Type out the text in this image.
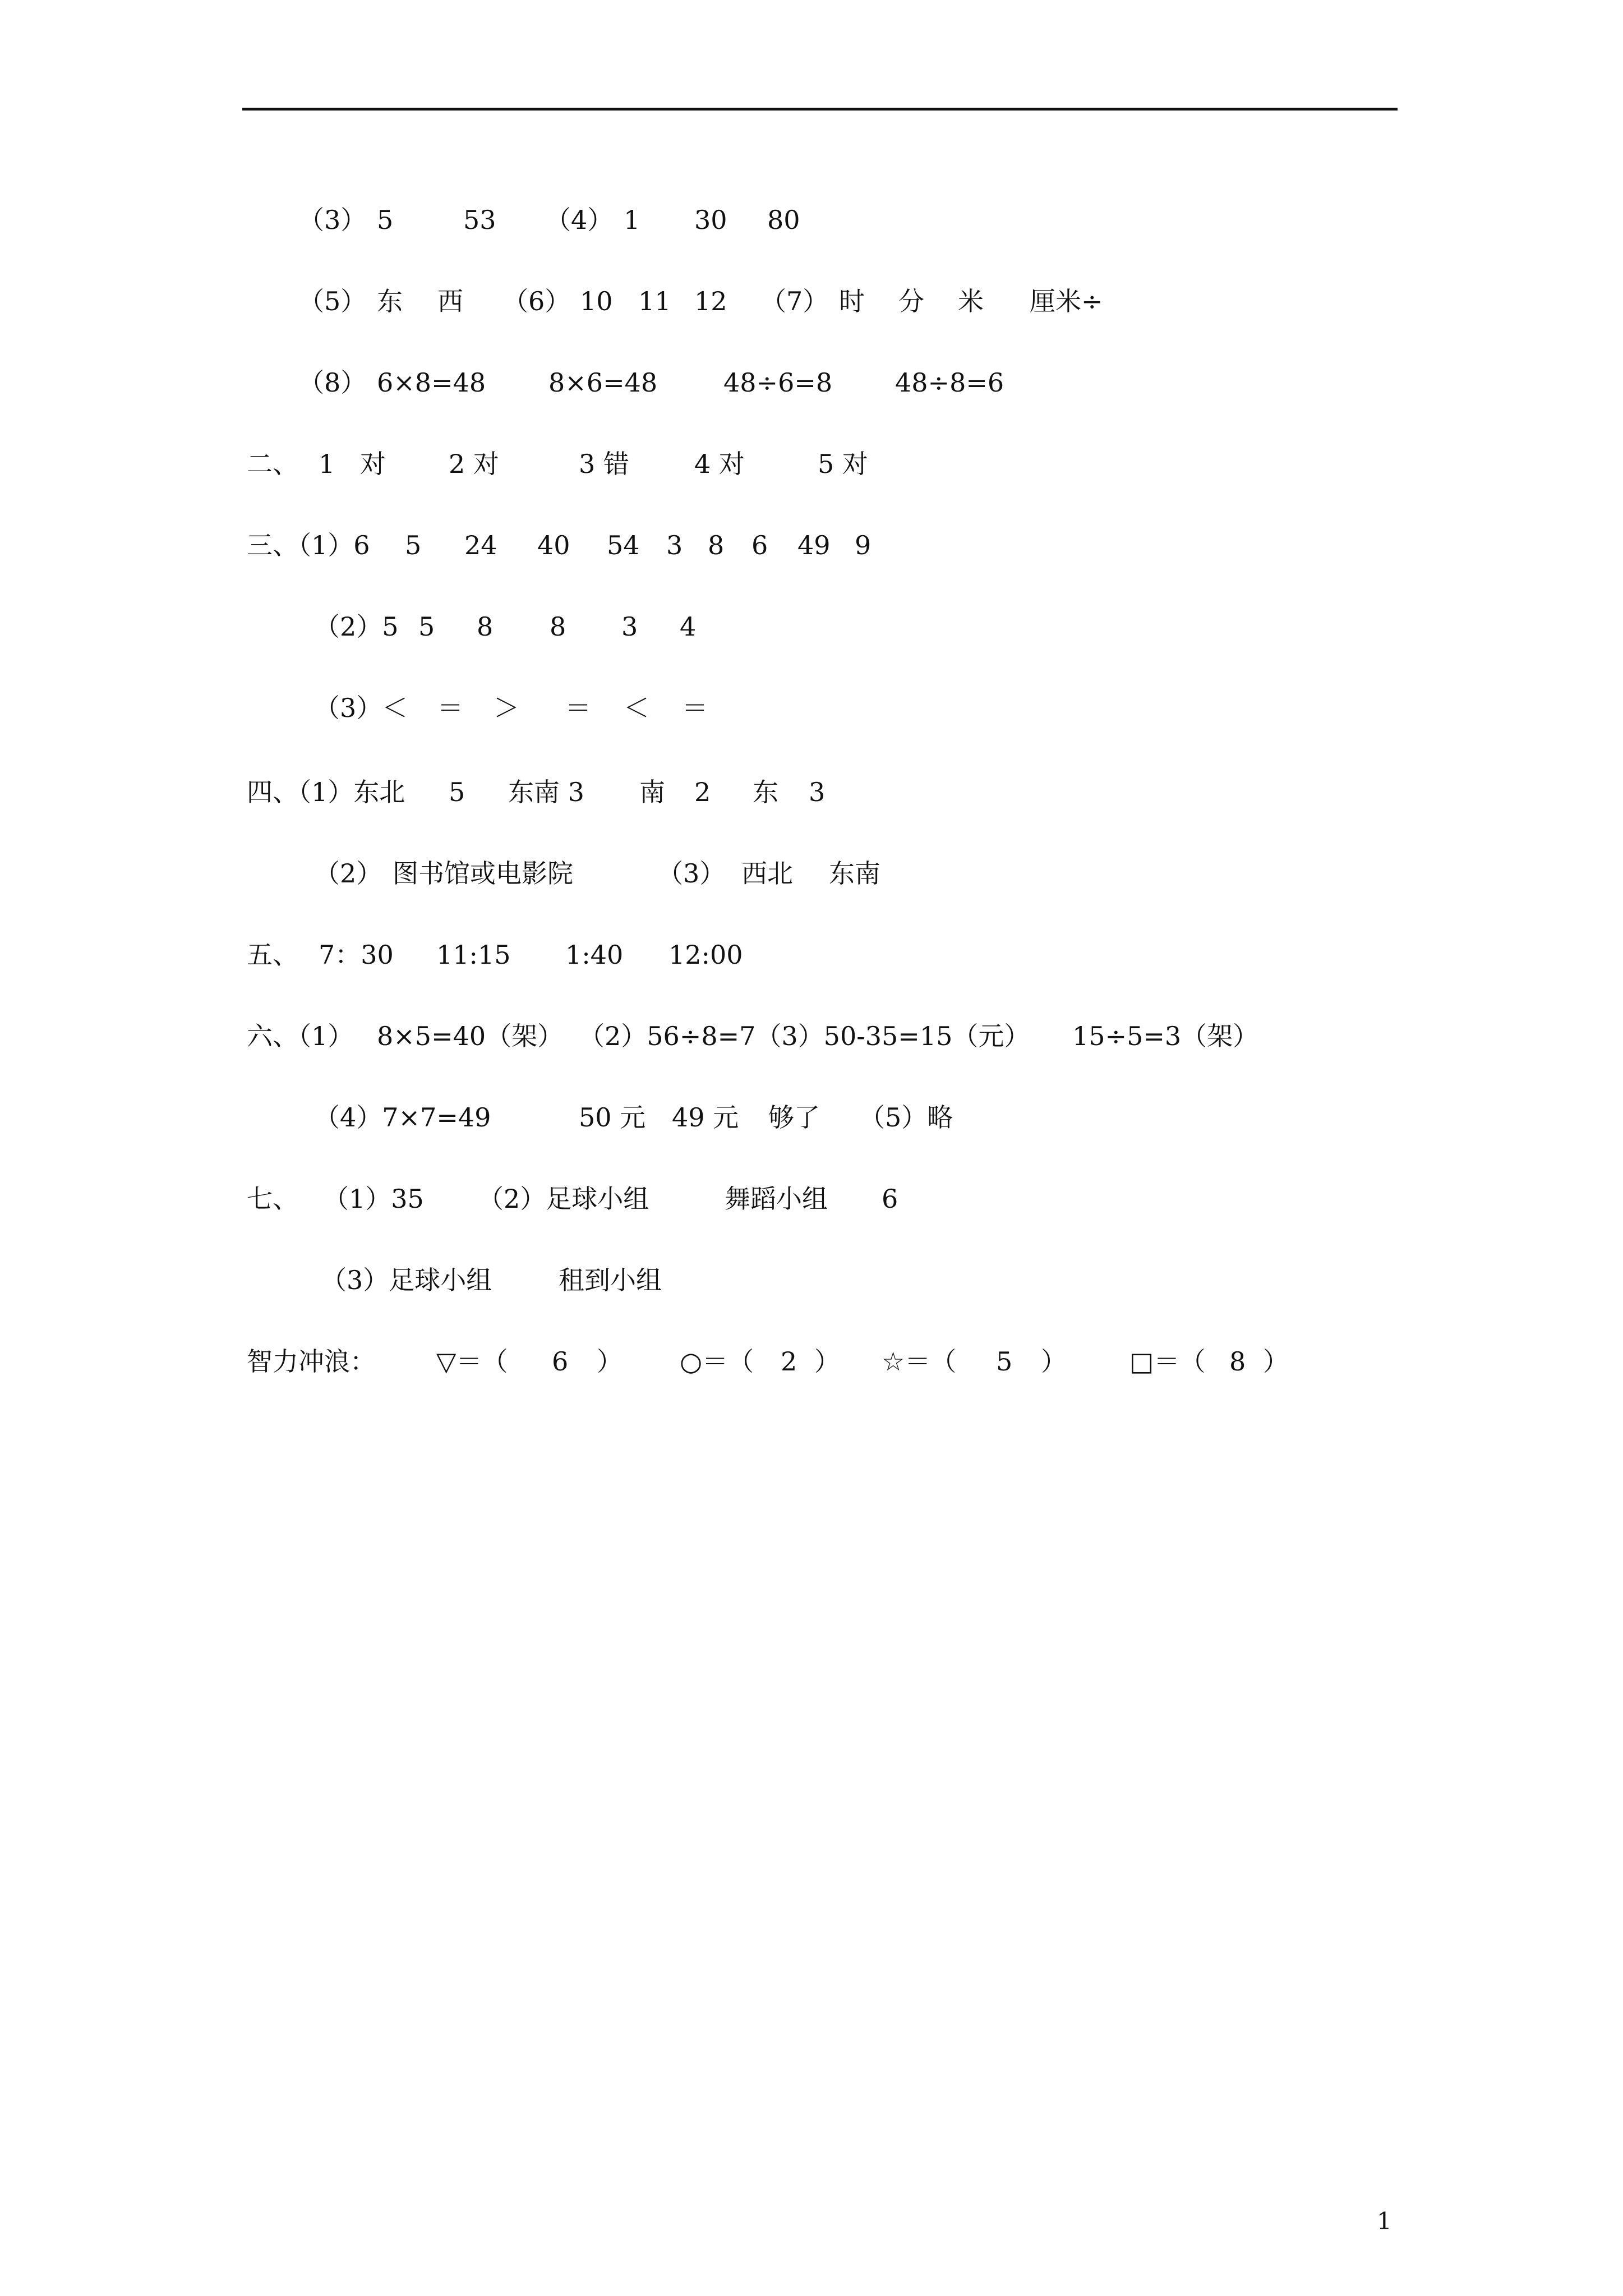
（3）

5

	53

（4）

1

30

80

（5）

东

西

（6）

10

11

12

（7）

时

分

米

厘米÷

（8）

6×8=48

8×6=48

	48÷6=8

48÷8=6

二、

1

对

2 对

	3 错

	4 对

	5 对

三、（1）6

5

24

40

54

3

8

6

49

9

（2）5

5

8

8

3

4

（3）＜

＝

＞

＝

＜

＝

四、（1）东北

5

东南 3

南

2

东

3

（2）

图书馆或电影院

	（3）

西北

东南

五、

7：30

11:15

1:40

12:00

六、（1）

8×5=40（架）

（2）56÷8=7（3）50-35=15（元）

15÷5=3（架）

（4）7×7=49

	50 元

49 元

够了

（5）略

七、

（1）35

（2）足球小组

	舞蹈小组

6

（3）足球小组

	租到小组

智力冲浪：

▽＝（

6

）

○＝（

2

）

☆＝（

5

）

□＝（

8

）

1
